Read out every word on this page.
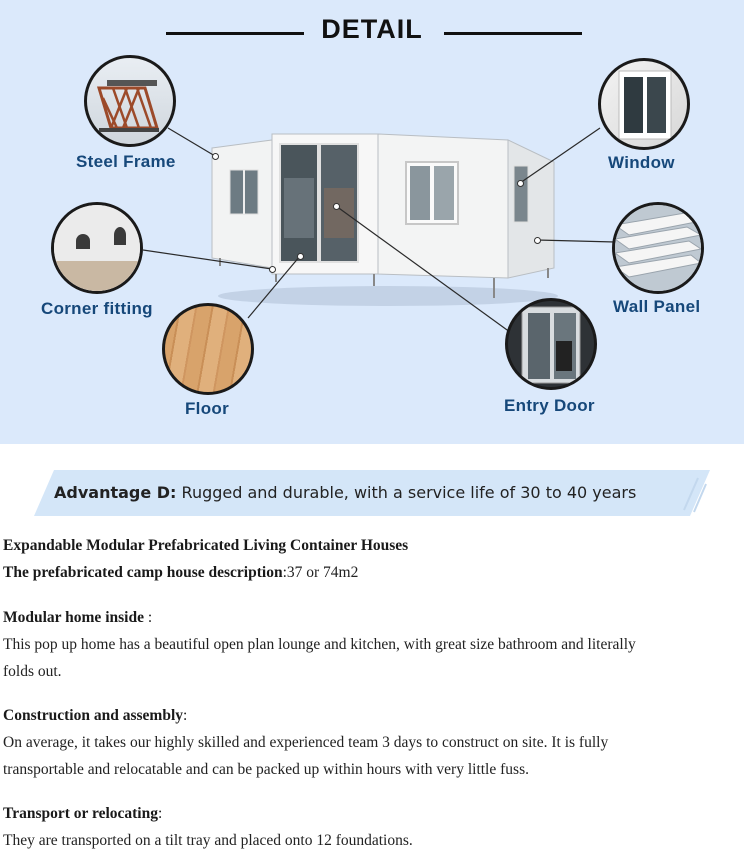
DETAIL
Steel Frame	Window
Corner fitting	Wall Panel
Floor	Entry Door
Advantage D: Rugged and durable, with a service life of 30 to 40 years

Expandable Modular Prefabricated Living Container Houses

The prefabricated camp house description:37 or 74m2

Modular home inside :

This pop up home has a beautiful open plan lounge and kitchen, with great size bathroom and literally

folds out.

Construction and assembly:

On average, it takes our highly skilled and experienced team 3 days to construct on site. It is fully

transportable and relocatable and can be packed up within hours with very little fuss.

Transport or relocating:

They are transported on a tilt tray and placed onto 12 foundations.
